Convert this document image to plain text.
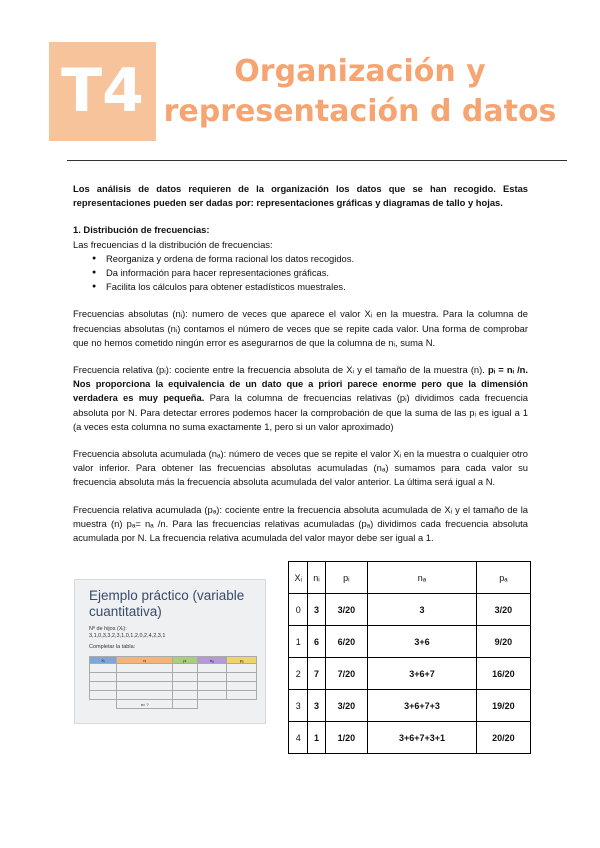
T4	Organización y
representación d datos

Los análisis de datos requieren de la organización los datos que se han recogido. Estas representaciones pueden ser dadas por: representaciones gráficas y diagramas de tallo y hojas.

1. Distribución de frecuencias:

Las frecuencias d la distribución de frecuencias:

● Reorganiza y ordena de forma racional los datos recogidos.
● Da información para hacer representaciones gráficas.
● Facilita los cálculos para obtener estadísticos muestrales.

Frecuencias absolutas (nᵢ): numero de veces que aparece el valor Xᵢ en la muestra. Para la columna de frecuencias absolutas (nᵢ) contamos el número de veces que se repite cada valor. Una forma de comprobar que no hemos cometido ningún error es asegurarnos de que la columna de nᵢ, suma N.

Frecuencia relativa (pᵢ): cociente entre la frecuencia absoluta de Xᵢ y el tamaño de la muestra (n). pᵢ = nᵢ /n. Nos proporciona la equivalencia de un dato que a priori parece enorme pero que la dimensión verdadera es muy pequeña. Para la columna de frecuencias relativas (pᵢ) dividimos cada frecuencia absoluta por N. Para detectar errores podemos hacer la comprobación de que la suma de las pᵢ es igual a 1 (a veces esta columna no suma exactamente 1, pero si un valor aproximado)

Frecuencia absoluta acumulada (nₐ): número de veces que se repite el valor Xᵢ en la muestra o cualquier otro valor inferior. Para obtener las frecuencias absolutas acumuladas (nₐ) sumamos para cada valor su frecuencia absoluta más la frecuencia absoluta acumulada del valor anterior. La última será igual a N.

Frecuencia relativa acumulada (pₐ): cociente entre la frecuencia absoluta acumulada de Xᵢ y el tamaño de la muestra (n) pₐ= nₐ /n. Para las frecuencias relativas acumuladas (pₐ) dividimos cada frecuencia absoluta acumulada por N. La frecuencia relativa acumulada del valor mayor debe ser igual a 1.

Ejemplo práctico (variable cuantitativa)
Nº de hijos (Xᵢ):
3,1,0,3,3,2,3,1,0,1,2,0,2,4,2,3,1
Completar la tabla:
Xᵢ	nᵢ	pᵢ	nₐ	pₐ

	n= ?			
Xᵢ	nᵢ	pᵢ	nₐ	pₐ
0	3	3/20	3	3/20
1	6	6/20	3+6	9/20
2	7	7/20	3+6+7	16/20
3	3	3/20	3+6+7+3	19/20
4	1	1/20	3+6+7+3+1	20/20
